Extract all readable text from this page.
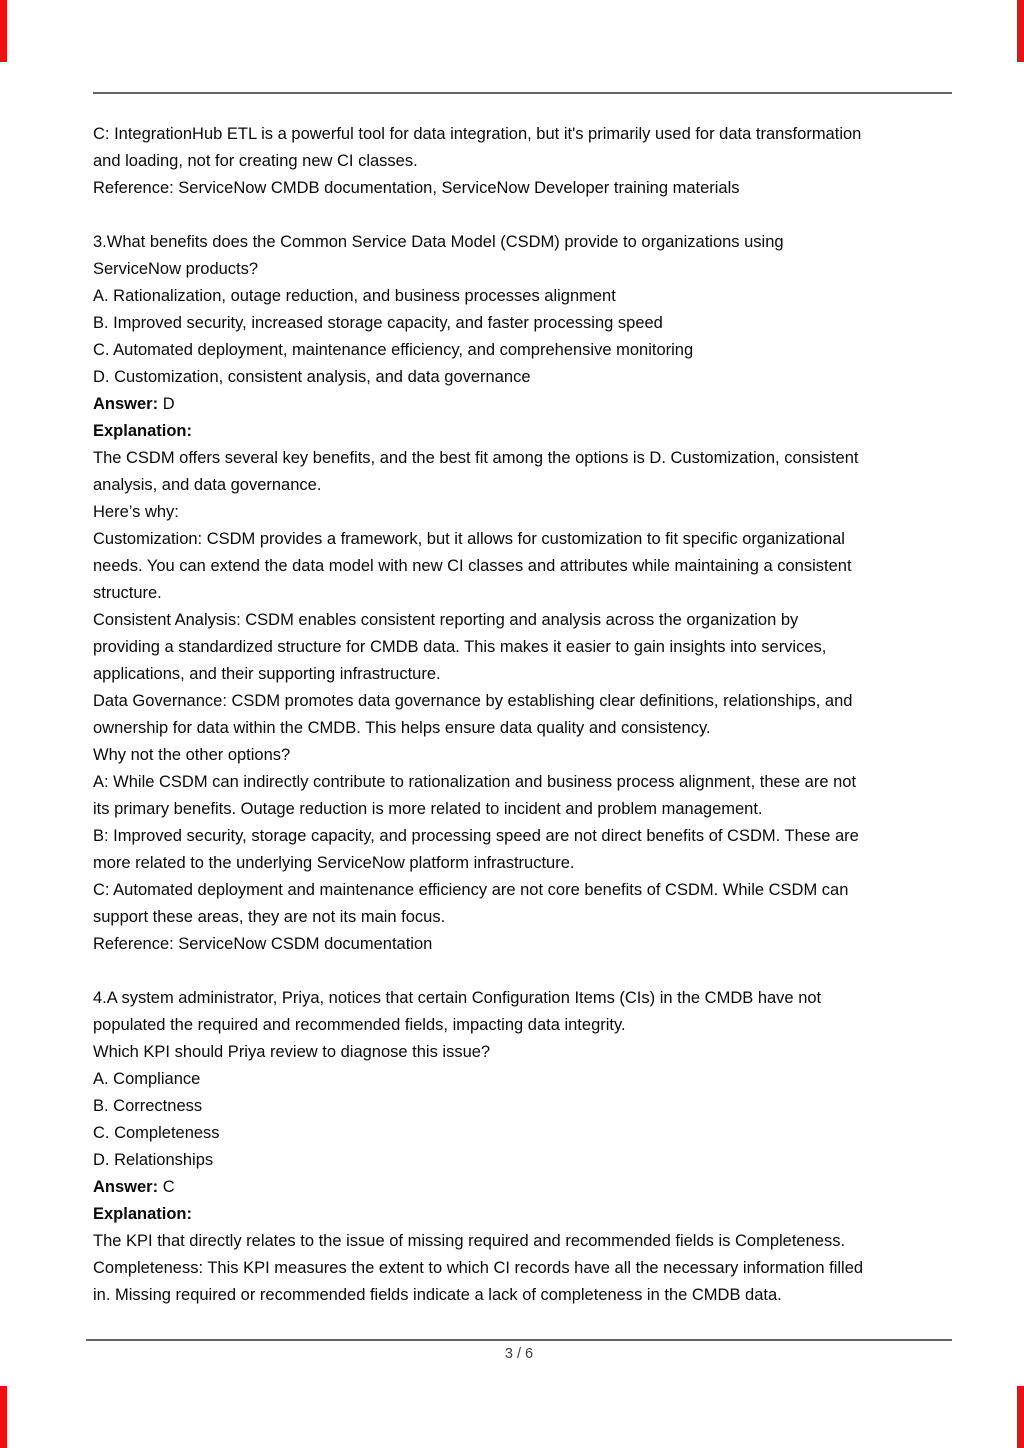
C: IntegrationHub ETL is a powerful tool for data integration, but it's primarily used for data transformation
and loading, not for creating new CI classes.
Reference: ServiceNow CMDB documentation, ServiceNow Developer training materials
3.What benefits does the Common Service Data Model (CSDM) provide to organizations using
ServiceNow products?
A. Rationalization, outage reduction, and business processes alignment
B. Improved security, increased storage capacity, and faster processing speed
C. Automated deployment, maintenance efficiency, and comprehensive monitoring
D. Customization, consistent analysis, and data governance
Answer: D
Explanation:
The CSDM offers several key benefits, and the best fit among the options is D. Customization, consistent
analysis, and data governance.
Here’s why:
Customization: CSDM provides a framework, but it allows for customization to fit specific organizational
needs. You can extend the data model with new CI classes and attributes while maintaining a consistent
structure.
Consistent Analysis: CSDM enables consistent reporting and analysis across the organization by
providing a standardized structure for CMDB data. This makes it easier to gain insights into services,
applications, and their supporting infrastructure.
Data Governance: CSDM promotes data governance by establishing clear definitions, relationships, and
ownership for data within the CMDB. This helps ensure data quality and consistency.
Why not the other options?
A: While CSDM can indirectly contribute to rationalization and business process alignment, these are not
its primary benefits. Outage reduction is more related to incident and problem management.
B: Improved security, storage capacity, and processing speed are not direct benefits of CSDM. These are
more related to the underlying ServiceNow platform infrastructure.
C: Automated deployment and maintenance efficiency are not core benefits of CSDM. While CSDM can
support these areas, they are not its main focus.
Reference: ServiceNow CSDM documentation
4.A system administrator, Priya, notices that certain Configuration Items (CIs) in the CMDB have not
populated the required and recommended fields, impacting data integrity.
Which KPI should Priya review to diagnose this issue?
A. Compliance
B. Correctness
C. Completeness
D. Relationships
Answer: C
Explanation:
The KPI that directly relates to the issue of missing required and recommended fields is Completeness.
Completeness: This KPI measures the extent to which CI records have all the necessary information filled
in. Missing required or recommended fields indicate a lack of completeness in the CMDB data.
3 / 6
